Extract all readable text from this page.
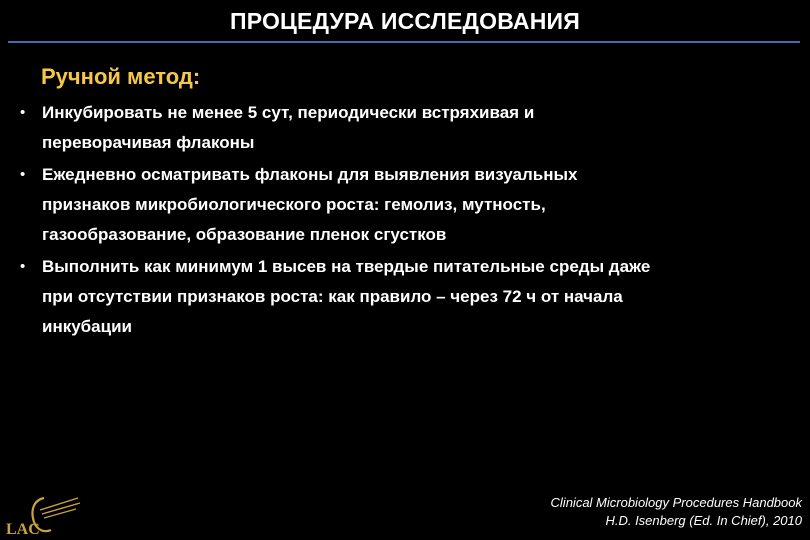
ПРОЦЕДУРА ИССЛЕДОВАНИЯ
Ручной метод:
• Инкубировать не менее 5 сут, периодически встряхивая и
переворачивая флаконы
• Ежедневно осматривать флаконы для выявления визуальных
признаков микробиологического роста: гемолиз, мутность,
газообразование, образование пленок сгустков
• Выполнить как минимум 1 высев на твердые питательные среды даже
при отсутствии признаков роста: как правило – через 72 ч от начала
инкубации
LAC
Clinical Microbiology Procedures Handbook
H.D. Isenberg (Ed. In Chief), 2010
